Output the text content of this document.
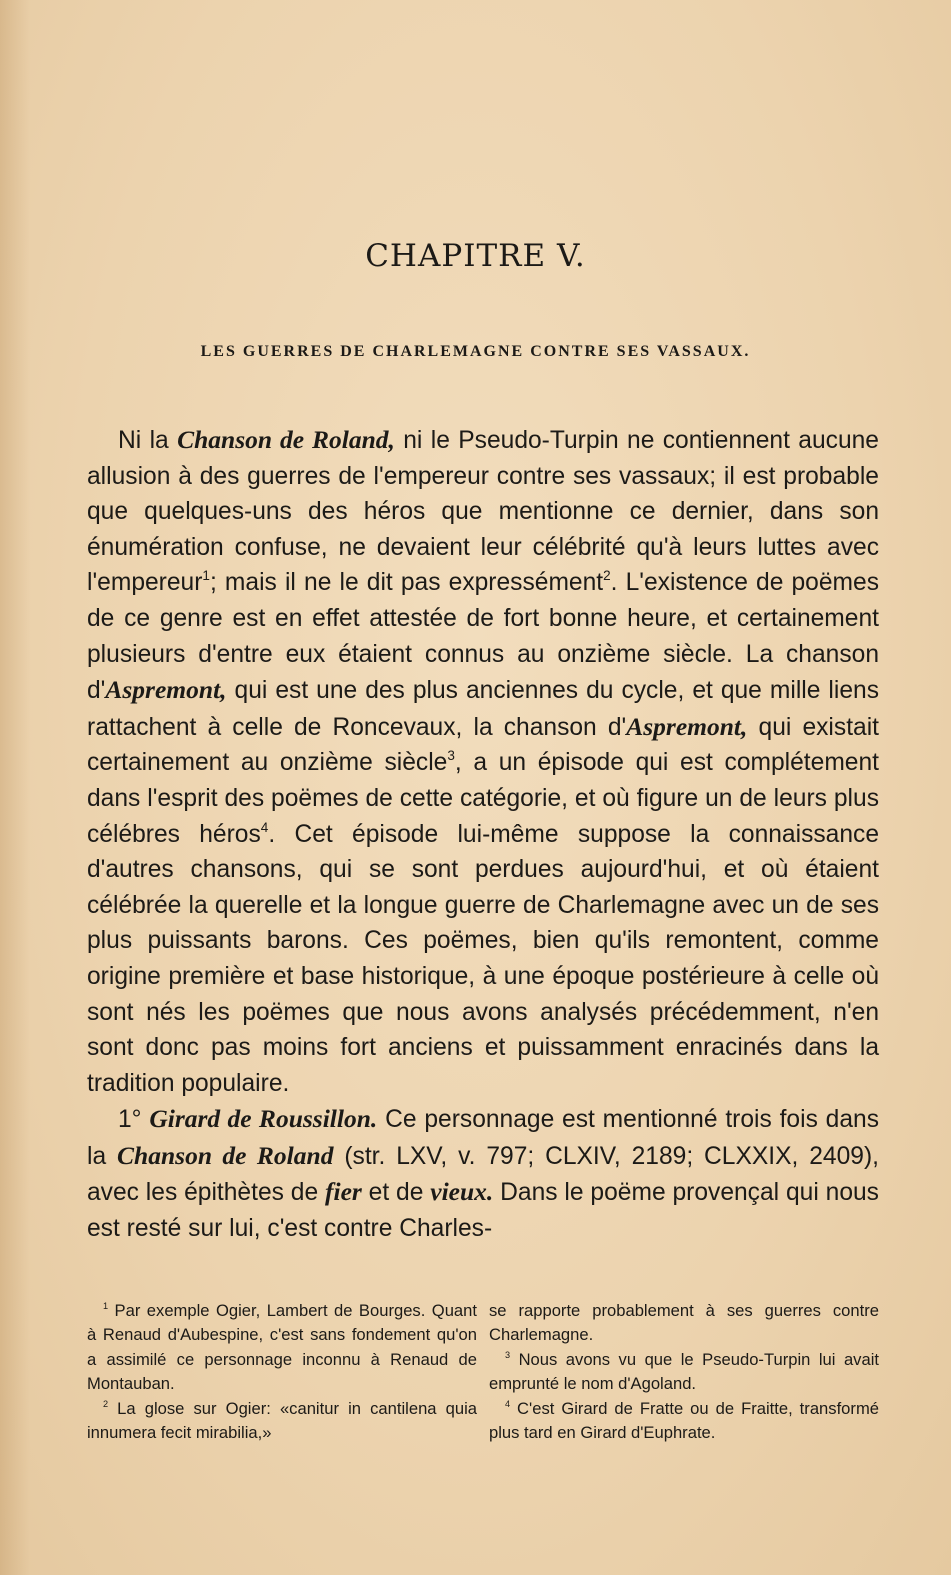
CHAPITRE V.
LES GUERRES DE CHARLEMAGNE CONTRE SES VASSAUX.

Ni la Chanson de Roland, ni le Pseudo-Turpin ne contiennent aucune allusion à des guerres de l'empereur contre ses vassaux; il est probable que quelques-uns des héros que mentionne ce dernier, dans son énumération confuse, ne devaient leur célébrité qu'à leurs luttes avec l'empereur$^1$; mais il ne le dit pas expressément$^2$. L'existence de poëmes de ce genre est en effet attestée de fort bonne heure, et certainement plusieurs d'entre eux étaient connus au onzième siècle. La chanson d'Aspremont, qui est une des plus anciennes du cycle, et que mille liens rattachent à celle de Roncevaux, la chanson d'Aspremont, qui existait certainement au onzième siècle$^3$, a un épisode qui est complétement dans l'esprit des poëmes de cette catégorie, et où figure un de leurs plus célébres héros$^4$. Cet épisode lui-même suppose la connaissance d'autres chansons, qui se sont perdues aujourd'hui, et où étaient célébrée la querelle et la longue guerre de Charlemagne avec un de ses plus puissants barons. Ces poëmes, bien qu'ils remontent, comme origine première et base historique, à une époque postérieure à celle où sont nés les poëmes que nous avons analysés précédemment, n'en sont donc pas moins fort anciens et puissamment enracinés dans la tradition populaire.

1° Girard de Roussillon. Ce personnage est mentionné trois fois dans la Chanson de Roland (str. LXV, v. 797; CLXIV, 2189; CLXXIX, 2409), avec les épithètes de fier et de vieux. Dans le poëme provençal qui nous est resté sur lui, c'est contre Charles-

$^1$ Par exemple Ogier, Lambert de Bourges. Quant à Renaud d'Aubespine, c'est sans fondement qu'on a assimilé ce personnage inconnu à Renaud de Montauban.

$^2$ La glose sur Ogier: «canitur in cantilena quia innumera fecit mirabilia,»

se rapporte probablement à ses guerres contre Charlemagne.

$^3$ Nous avons vu que le Pseudo-Turpin lui avait emprunté le nom d'Agoland.

$^4$ C'est Girard de Fratte ou de Fraitte, transformé plus tard en Girard d'Euphrate.
